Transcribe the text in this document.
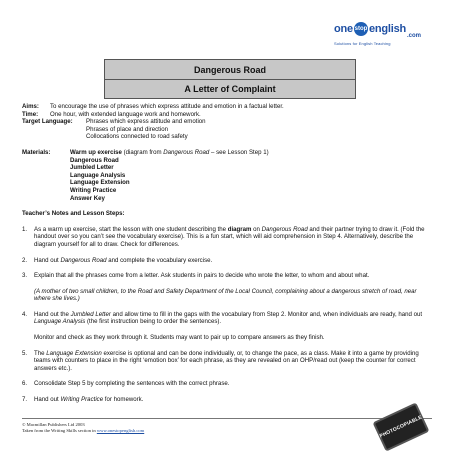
one stop english
.com
Solutions for English Teaching
Dangerous Road
A Letter of Complaint
Aims:	To encourage the use of phrases which express attitude and emotion in a factual letter.
Time:	One hour, with extended language work and homework.
Target Language:	Phrases which express attitude and emotion
Phrases of place and direction
Collocations connected to road safety
Materials:	Warm up exercise (diagram from Dangerous Road – see Lesson Step 1)
Dangerous Road
Jumbled Letter
Language Analysis
Language Extension
Writing Practice
Answer Key
Teacher’s Notes and Lesson Steps:
1.	As a warm up exercise, start the lesson with one student describing the diagram on Dangerous Road and their partner trying to draw it. (Fold the handout over so you can’t see the vocabulary exercise). This is a fun start, which will aid comprehension in Step 4. Alternatively, describe the diagram yourself for all to draw. Check for differences.
2.	Hand out Dangerous Road and complete the vocabulary exercise.
3.	Explain that all the phrases come from a letter. Ask students in pairs to decide who wrote the letter, to whom and about what.
(A mother of two small children, to the Road and Safety Department of the Local Council, complaining about a dangerous stretch of road, near where she lives.)
4.	Hand out the Jumbled Letter and allow time to fill in the gaps with the vocabulary from Step 2. Monitor and, when individuals are ready, hand out Language Analysis (the first instruction being to order the sentences).
Monitor and check as they work through it. Students may want to pair up to compare answers as they finish.
5.	The Language Extension exercise is optional and can be done individually, or, to change the pace, as a class. Make it into a game by providing teams with counters to place in the right ‘emotion box’ for each phrase, as they are revealed on an OHP/read out (keep the counter for correct answers etc.).
6.	Consolidate Step 5 by completing the sentences with the correct phrase.
7.	Hand out Writing Practice for homework.
© Macmillan Publishers Ltd 2003
Taken from the Writing Skills section in www.onestopenglish.com	PHOTOCOPIABLE
